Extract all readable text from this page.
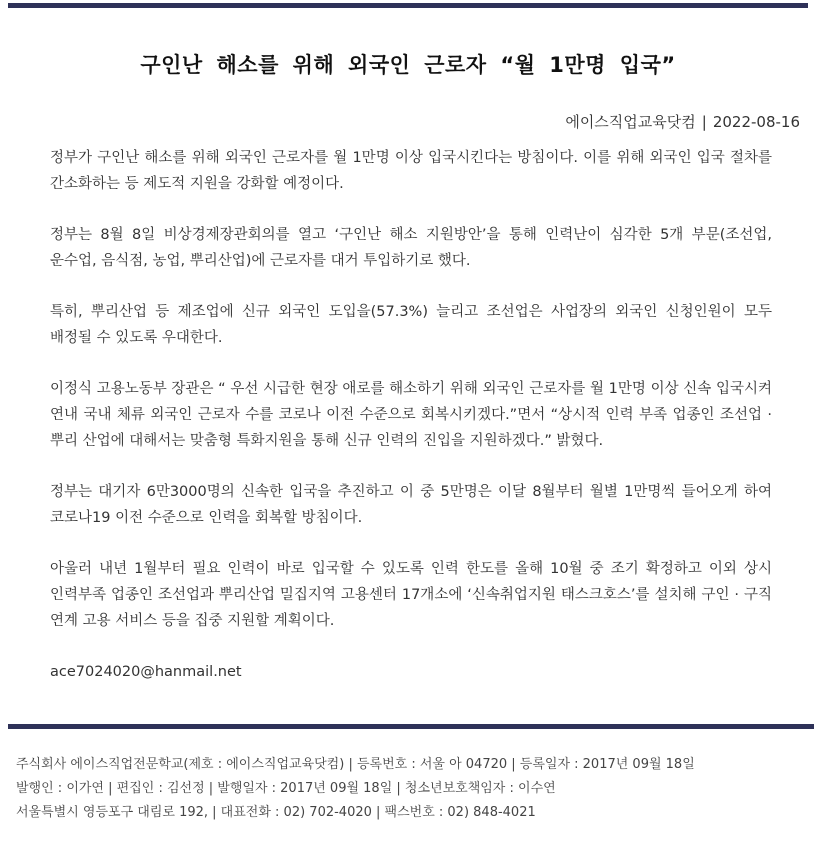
구인난 해소를 위해 외국인 근로자 “월 1만명 입국”
에이스직업교육닷컴 | 2022-08-16

정부가 구인난 해소를 위해 외국인 근로자를 월 1만명 이상 입국시킨다는 방침이다. 이를 위해 외국인 입국 절차를 간소화하는 등 제도적 지원을 강화할 예정이다.

정부는 8월 8일 비상경제장관회의를 열고 ‘구인난 해소 지원방안’을 통해 인력난이 심각한 5개 부문(조선업, 운수업, 음식점, 농업, 뿌리산업)에 근로자를 대거 투입하기로 했다.

특히, 뿌리산업 등 제조업에 신규 외국인 도입을(57.3%) 늘리고 조선업은 사업장의 외국인 신청인원이 모두 배정될 수 있도록 우대한다.

이정식 고용노동부 장관은 “ 우선 시급한 현장 애로를 해소하기 위해 외국인 근로자를 월 1만명 이상 신속 입국시켜 연내 국내 체류 외국인 근로자 수를 코로나 이전 수준으로 회복시키겠다.”면서 “상시적 인력 부족 업종인 조선업 · 뿌리 산업에 대해서는 맞춤형 특화지원을 통해 신규 인력의 진입을 지원하겠다.” 밝혔다.

정부는 대기자 6만3000명의 신속한 입국을 추진하고 이 중 5만명은 이달 8월부터 월별 1만명씩 들어오게 하여 코로나19 이전 수준으로 인력을 회복할 방침이다.

아울러 내년 1월부터 필요 인력이 바로 입국할 수 있도록 인력 한도를 올해 10월 중 조기 확정하고 이외 상시 인력부족 업종인 조선업과 뿌리산업 밀집지역 고용센터 17개소에 ‘신속취업지원 태스크호스’를 설치해 구인 · 구직 연계 고용 서비스 등을 집중 지원할 계획이다.

ace7024020@hanmail.net
주식회사 에이스직업전문학교(제호 : 에이스직업교육닷컴) | 등록번호 : 서울 아 04720 | 등록일자 : 2017년 09월 18일
발행인 : 이가연 | 편집인 : 김선정 | 발행일자 : 2017년 09월 18일 | 청소년보호책임자 : 이수연
서울특별시 영등포구 대림로 192, | 대표전화 : 02) 702-4020 | 팩스번호 : 02) 848-4021
